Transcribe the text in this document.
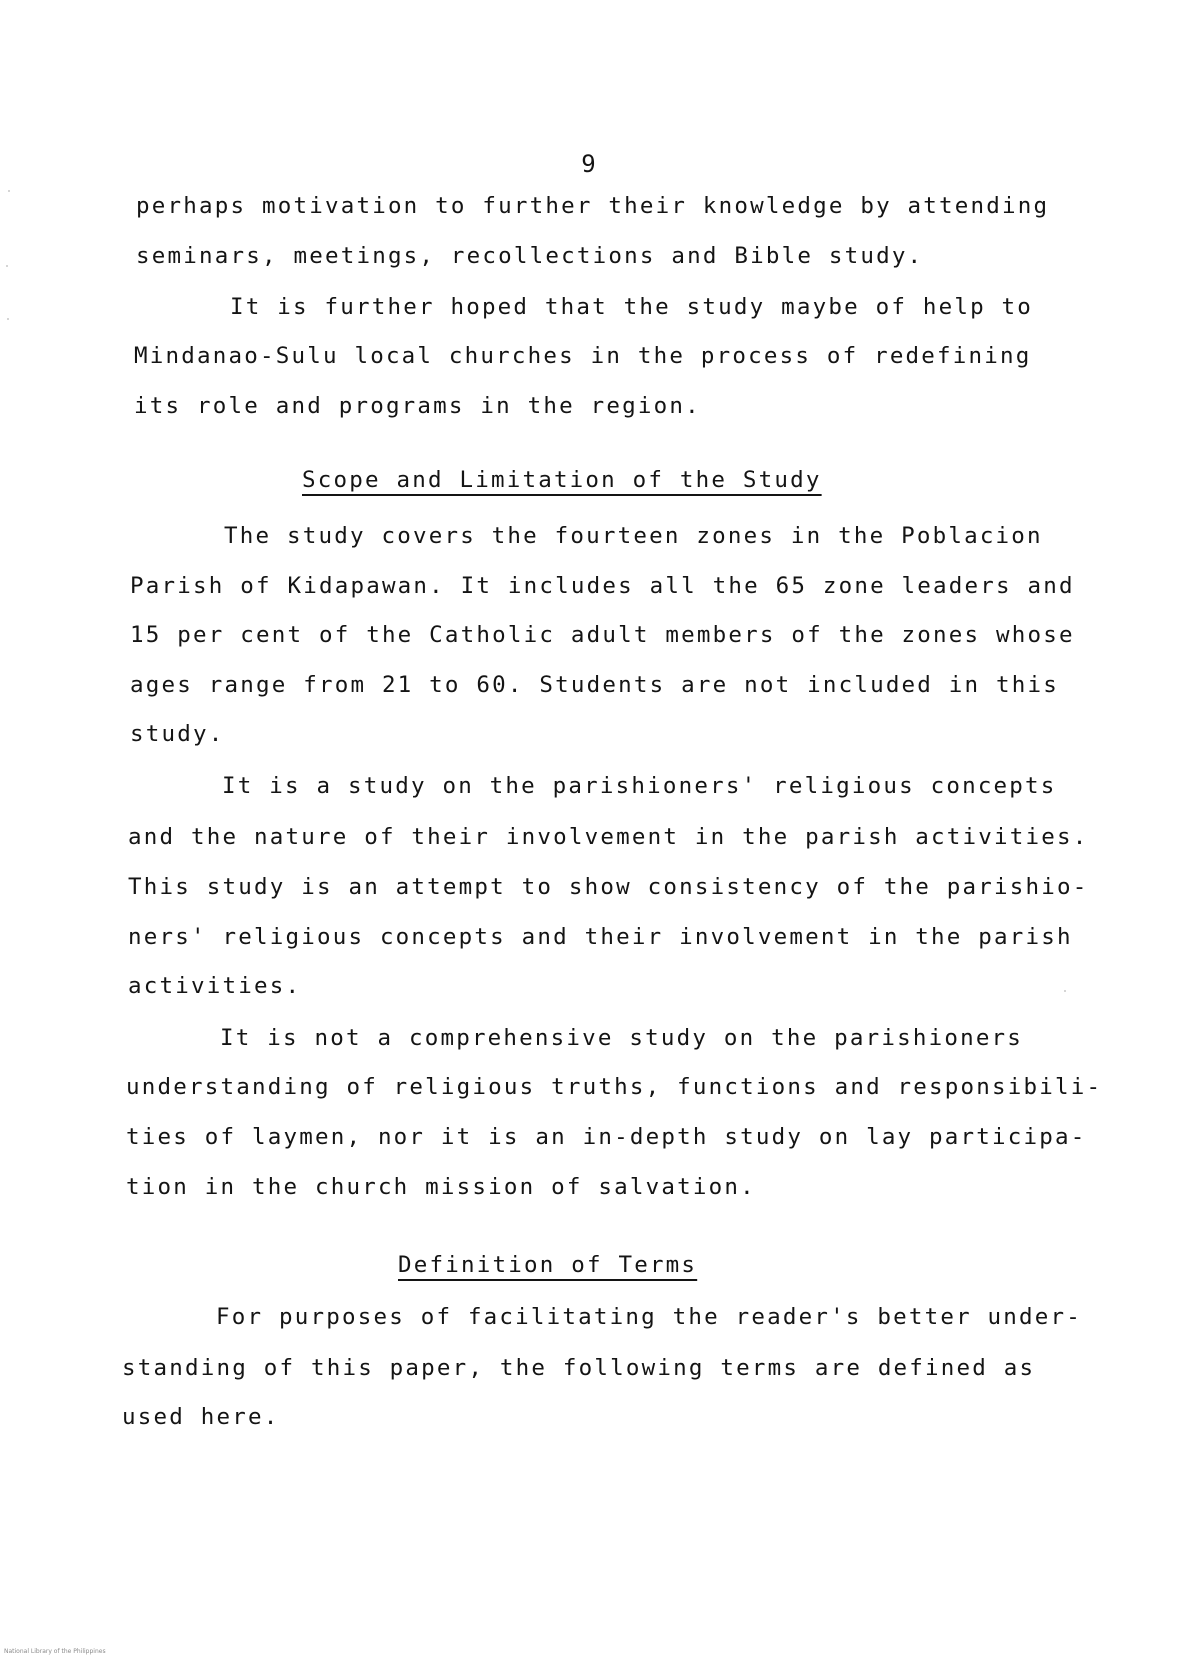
9
perhaps motivation to further their knowledge by attending
seminars, meetings, recollections and Bible study.
It is further hoped that the study maybe of help to
Mindanao-Sulu local churches in the process of redefining
its role and programs in the region.
Scope and Limitation of the Study
The study covers the fourteen zones in the Poblacion
Parish of Kidapawan. It includes all the 65 zone leaders and
15 per cent of the Catholic adult members of the zones whose
ages range from 21 to 60. Students are not included in this
study.
It is a study on the parishioners' religious concepts
and the nature of their involvement in the parish activities.
This study is an attempt to show consistency of the parishio-
ners' religious concepts and their involvement in the parish
activities.
It is not a comprehensive study on the parishioners
understanding of religious truths, functions and responsibili-
ties of laymen, nor it is an in-depth study on lay participa-
tion in the church mission of salvation.
Definition of Terms
For purposes of facilitating the reader's better under-
standing of this paper, the following terms are defined as
used here.
National Library of the Philippines
